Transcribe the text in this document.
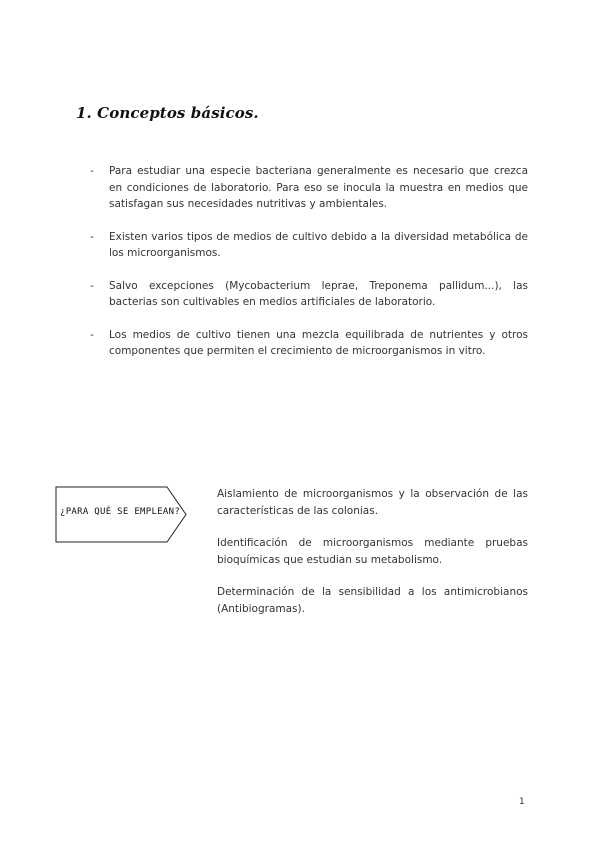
1. Conceptos básicos.
-	Para estudiar una especie bacteriana generalmente es necesario que crezca en condiciones de laboratorio. Para eso se inocula la muestra en medios que satisfagan sus necesidades nutritivas y ambientales.
-	Existen varios tipos de medios de cultivo debido a la diversidad metabólica de los microorganismos.
-	Salvo excepciones (Mycobacterium leprae, Treponema pallidum...), las bacterias son cultivables en medios artificiales de laboratorio.
-	Los medios de cultivo tienen una mezcla equilibrada de nutrientes y otros componentes que permiten el crecimiento de microorganismos in vitro.
¿PARA QUÉ SE EMPLEAN?

Aislamiento de microorganismos y la observación de las características de las colonias.

Identificación de microorganismos mediante pruebas bioquímicas que estudian su metabolismo.

Determinación de la sensibilidad a los antimicrobianos (Antibiogramas).

1
